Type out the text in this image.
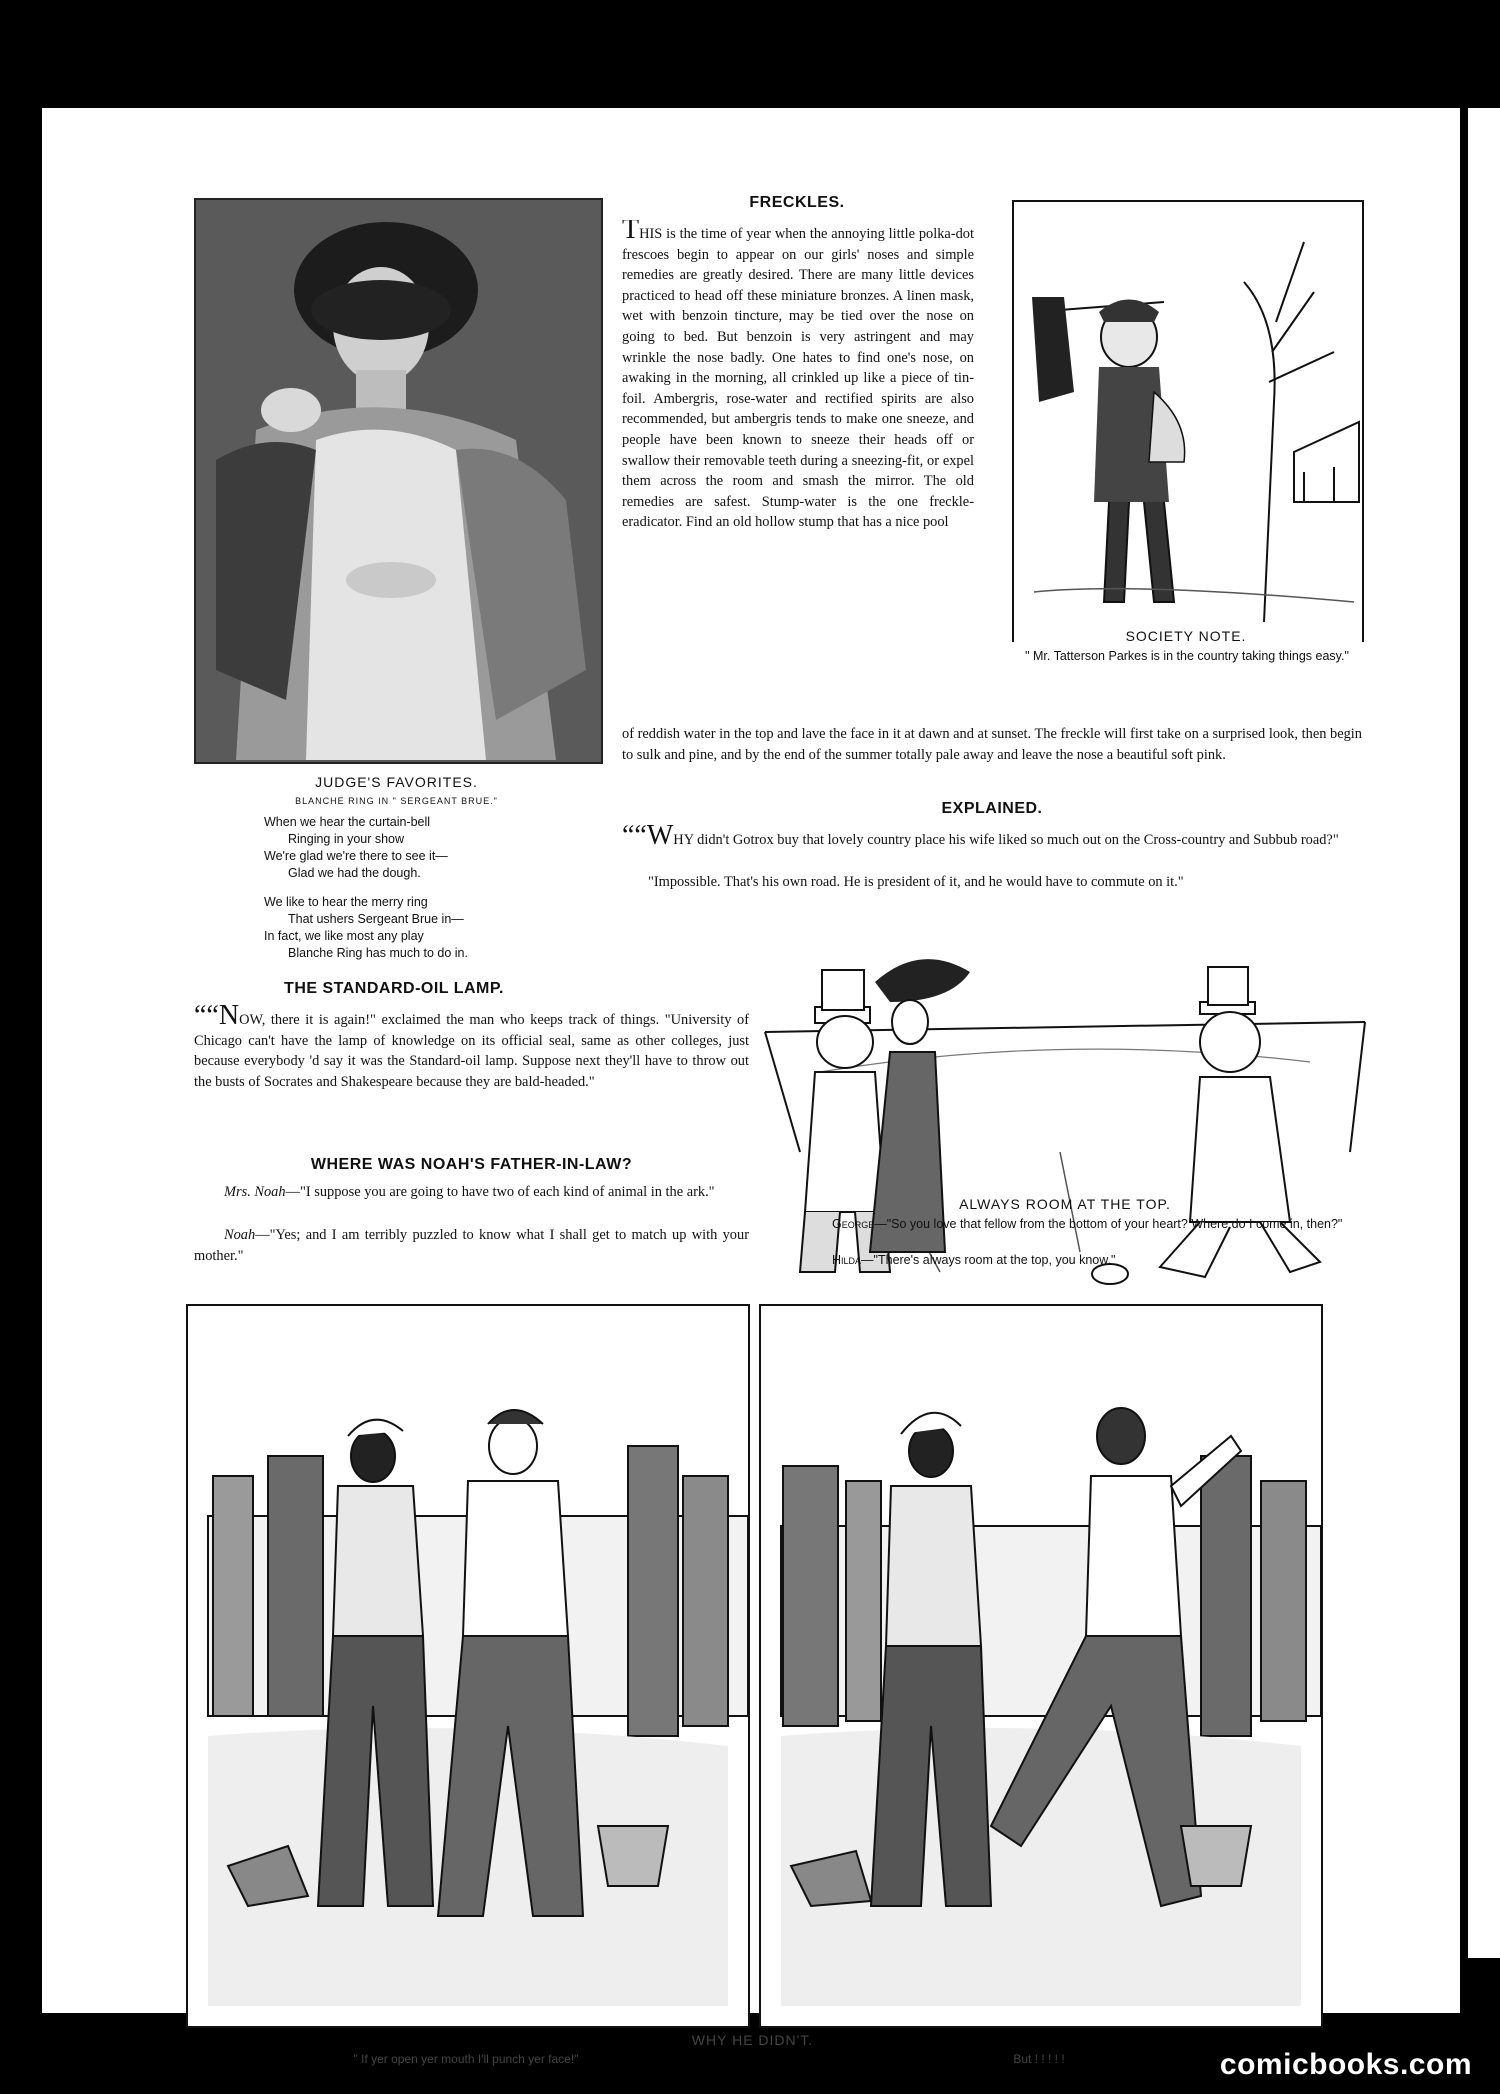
JUDGE'S FAVORITES.
BLANCHE RING IN " SERGEANT BRUE."

When we hear the curtain-bell

Ringing in your show

We're glad we're there to see it—

Glad we had the dough.

We like to hear the merry ring

That ushers Sergeant Brue in—

In fact, we like most any play

Blanche Ring has much to do in.

FRECKLES.
THIS is the time of year when the annoying little polka-dot frescoes begin to appear on our girls' noses and simple remedies are greatly desired. There are many little devices practiced to head off these miniature bronzes. A linen mask, wet with benzoin tincture, may be tied over the nose on going to bed. But benzoin is very astringent and may wrinkle the nose badly. One hates to find one's nose, on awaking in the morning, all crinkled up like a piece of tin-foil. Ambergris, rose-water and rectified spirits are also recommended, but ambergris tends to make one sneeze, and people have been known to sneeze their heads off or swallow their removable teeth during a sneezing-fit, or expel them across the room and smash the mirror. The old remedies are safest. Stump-water is the one freckle-eradicator. Find an old hollow stump that has a nice pool

of reddish water in the top and lave the face in it at dawn and at sunset. The freckle will first take on a surprised look, then begin to sulk and pine, and by the end of the summer totally pale away and leave the nose a beautiful soft pink.

SOCIETY NOTE.

" Mr. Tatterson Parkes is in the country taking things easy."

EXPLAINED.
““WHY didn't Gotrox buy that lovely country place his wife liked so much out on the Cross-country and Subbub road?"

"Impossible. That's his own road. He is president of it, and he would have to commute on it."

ALWAYS ROOM AT THE TOP.

George—"So you love that fellow from the bottom of your heart? Where do I come in, then?"

Hilda—"There's always room at the top, you know."

THE STANDARD-OIL LAMP.
““NOW, there it is again!" exclaimed the man who keeps track of things. "University of Chicago can't have the lamp of knowledge on its official seal, same as other colleges, just because everybody 'd say it was the Standard-oil lamp. Suppose next they'll have to throw out the busts of Socrates and Shakespeare because they are bald-headed."
WHERE WAS NOAH'S FATHER-IN-LAW?

Mrs. Noah—"I suppose you are going to have two of each kind of animal in the ark."

Noah—"Yes; and I am terribly puzzled to know what I shall get to match up with your mother."

WHY HE DIDN'T.

" If yer open yer mouth I'll punch yer face!"	But ! ! ! ! !	comicbooks.com
